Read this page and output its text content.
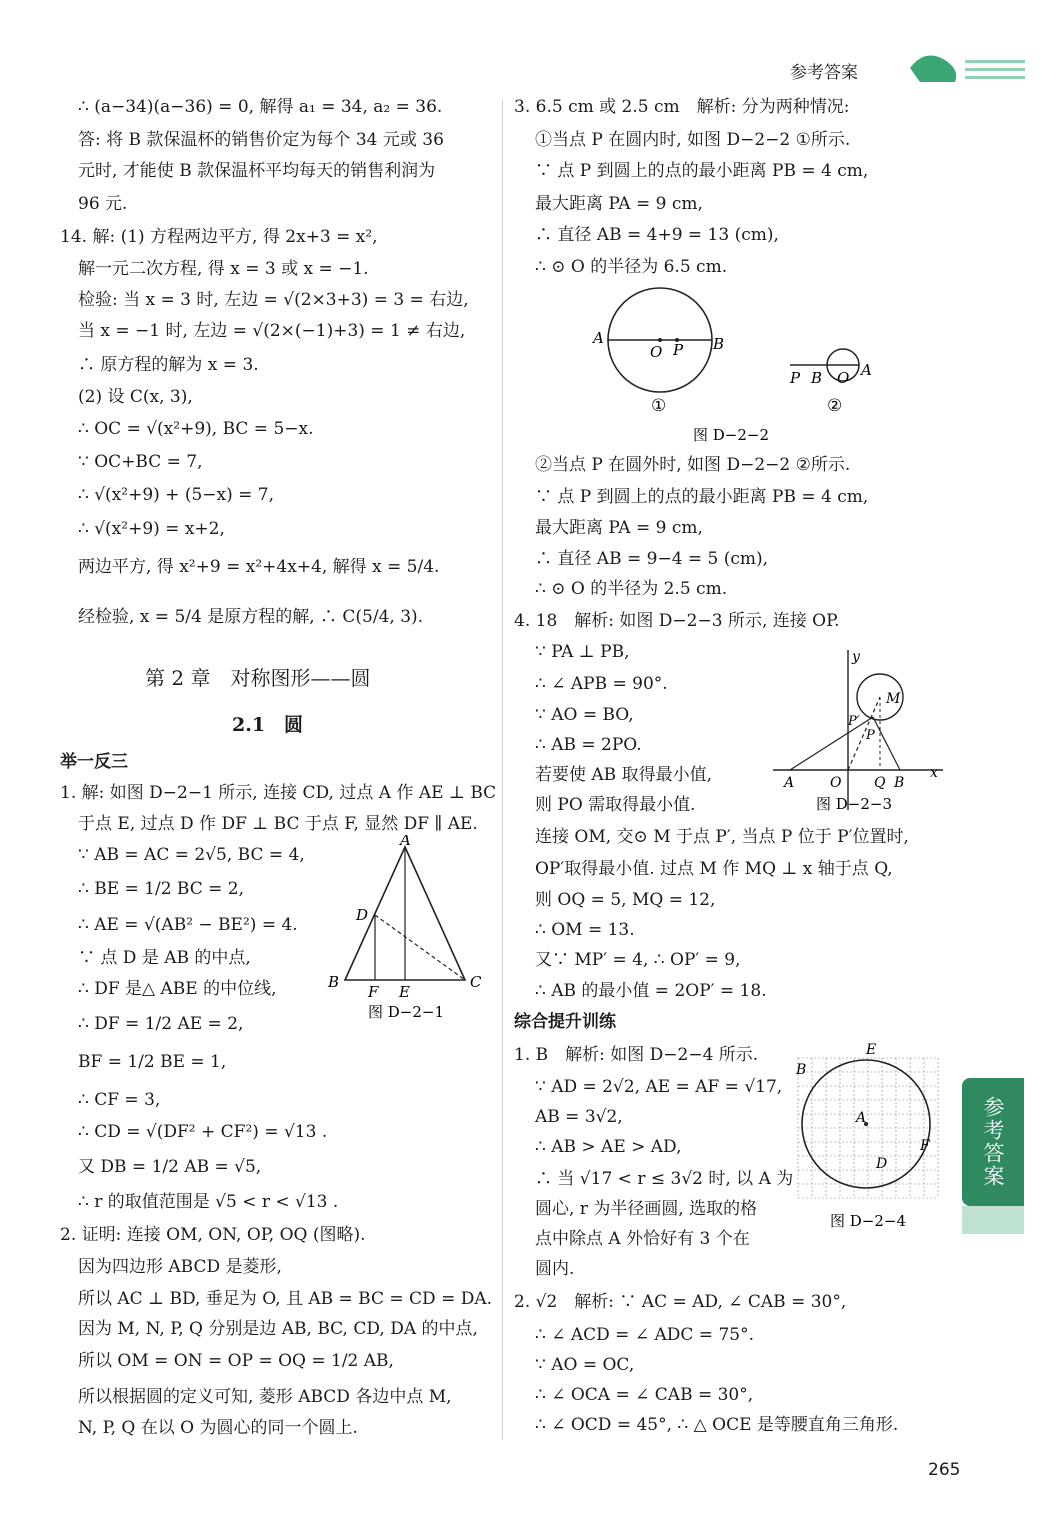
参考答案
∴ (a−34)(a−36) = 0, 解得 a₁ = 34, a₂ = 36.
答: 将 B 款保温杯的销售价定为每个 34 元或 36
元时, 才能使 B 款保温杯平均每天的销售利润为
96 元.
14. 解: (1) 方程两边平方, 得 2x+3 = x²,
解一元二次方程, 得 x = 3 或 x = −1.
检验: 当 x = 3 时, 左边 = √(2×3+3) = 3 = 右边,
当 x = −1 时, 左边 = √(2×(−1)+3) = 1 ≠ 右边,
∴ 原方程的解为 x = 3.
(2) 设 C(x, 3),
∴ OC = √(x²+9), BC = 5−x.
∵ OC+BC = 7,
∴ √(x²+9) + (5−x) = 7,
∴ √(x²+9) = x+2,
两边平方, 得 x²+9 = x²+4x+4, 解得 x = 5/4.
经检验, x = 5/4 是原方程的解, ∴ C(5/4, 3).
举一反三
1. 解: 如图 D−2−1 所示, 连接 CD, 过点 A 作 AE ⊥ BC
于点 E, 过点 D 作 DF ⊥ BC 于点 F, 显然 DF ∥ AE.
∵ AB = AC = 2√5, BC = 4,
∴ BE = 1/2 BC = 2,
∴ AE = √(AB² − BE²) = 4.
∵ 点 D 是 AB 的中点,
∴ DF 是△ ABE 的中位线,
∴ DF = 1/2 AE = 2,
BF = 1/2 BE = 1,
∴ CF = 3,
∴ CD = √(DF² + CF²) = √13 .
又 DB = 1/2 AB = √5,
∴ r 的取值范围是 √5 < r < √13 .
2. 证明: 连接 OM, ON, OP, OQ (图略).
因为四边形 ABCD 是菱形,
所以 AC ⊥ BD, 垂足为 O, 且 AB = BC = CD = DA.
因为 M, N, P, Q 分别是边 AB, BC, CD, DA 的中点,
所以 OM = ON = OP = OQ = 1/2 AB,
所以根据圆的定义可知, 菱形 ABCD 各边中点 M,
N, P, Q 在以 O 为圆心的同一个圆上.
第 2 章　对称图形——圆
2.1　圆
A
B	C
D
E
F
图 D−2−1
3. 6.5 cm 或 2.5 cm　解析: 分为两种情况:
①当点 P 在圆内时, 如图 D−2−2 ①所示.
∵ 点 P 到圆上的点的最小距离 PB = 4 cm,
最大距离 PA = 9 cm,
∴ 直径 AB = 4+9 = 13 (cm),
∴ ⊙ O 的半径为 6.5 cm.
②当点 P 在圆外时, 如图 D−2−2 ②所示.
∵ 点 P 到圆上的点的最小距离 PB = 4 cm,
最大距离 PA = 9 cm,
∴ 直径 AB = 9−4 = 5 (cm),
∴ ⊙ O 的半径为 2.5 cm.
4. 18　解析: 如图 D−2−3 所示, 连接 OP.
∵ PA ⊥ PB,
∴ ∠ APB = 90°.
∵ AO = BO,
∴ AB = 2PO.
若要使 AB 取得最小值,
则 PO 需取得最小值.
连接 OM, 交⊙ M 于点 P′, 当点 P 位于 P′位置时,
OP′取得最小值. 过点 M 作 MQ ⊥ x 轴于点 Q,
则 OQ = 5, MQ = 12,
∴ OM = 13.
又∵ MP′ = 4, ∴ OP′ = 9,
∴ AB 的最小值 = 2OP′ = 18.
综合提升训练
1. B　解析: 如图 D−2−4 所示.
∵ AD = 2√2, AE = AF = √17,
AB = 3√2,
∴ AB > AE > AD,
∴ 当 √17 < r ≤ 3√2 时, 以 A 为
圆心, r 为半径画圆, 选取的格
点中除点 A 外恰好有 3 个在
圆内.
2. √2　解析: ∵ AC = AD, ∠ CAB = 30°,
∴ ∠ ACD = ∠ ADC = 75°.
∵ AO = OC,
∴ ∠ OCA = ∠ CAB = 30°,
∴ ∠ OCD = 45°, ∴ △ OCE 是等腰直角三角形.
A
O P B
①
P B O A
②
图 D−2−2
y
x
M
P′
P
A	O Q B
图 D−2−3
E
B
A
F
D
图 D−2−4
参考答案
265
